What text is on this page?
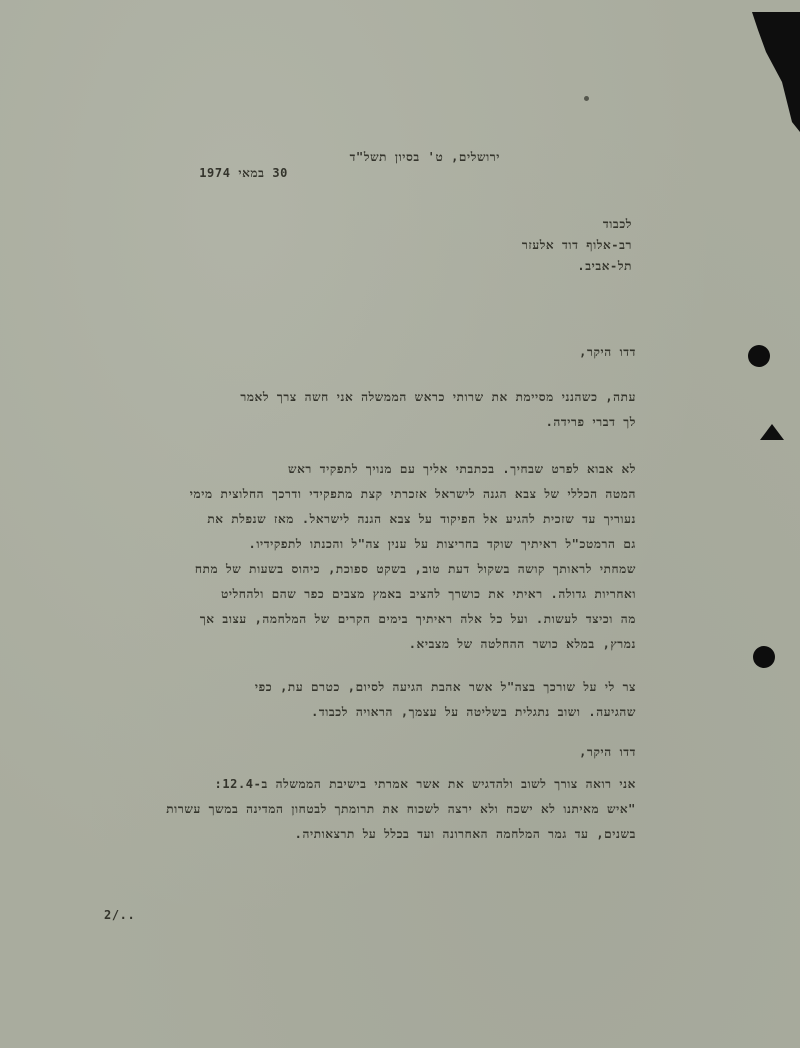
ירושלים, ט' בסיון תשל"ד
30 במאי 1974
לכבוד
רב-אלוף דוד אלעזר
תל-אביב.
דדו היקר,
עתה, כשהנני מסיימת את שרותי כראש הממשלה אני חשה צרך לאמר
לך דברי פרידה.
לא אבוא לפרט שבחיך. בכתבתי אליך עם מנויך לתפקיד ראש
המטה הכללי של צבא הגנה לישראל אזכרתי קצת מתפקידי ודרכך החלוצית מימי
נעוריך עד שזכית להגיע אל הפיקוד על צבא הגנה לישראל. מאז שנפלת את
גם הרמטכ"ל ראיתיך שוקד בחריצות על ענין צה"ל והכנתו לתפקידיו.
שמחתי לראותך קושה בשקול דעת טוב, בשקט ספוכת, כיהוס בשעות של מתח
ואחריות גדולה. ראיתי את כושרך להציב באמץ מצבים כפר שהם ולהחליט
מה וכיצד לעשות. ועל כל אלה ראיתיך בימים הקרים של המלחמה, עצוב אך
נמרץ, במלא כושר ההחלטה של מצביא.
צר לי על שורכך בצה"ל אשר אהבת הגיעה לסיום, כטרם עת, כפי
שהגיעה. ושוב נתגלית בשליטה על עצמך, הראויה לכבוד.
דדו היקר,
אני רואה צורך לשוב ולהדגיש את אשר אמרתי בישיבת הממשלה ב-12.4:
"איש מאיתנו לא ישכח ולא ירצה לשכוח את תרומתך לבטחון המדינה במשך עשרות
בשנים, עד גמר המלחמה האחרונה ועד בכלל על תרצאותיה.
2/..
